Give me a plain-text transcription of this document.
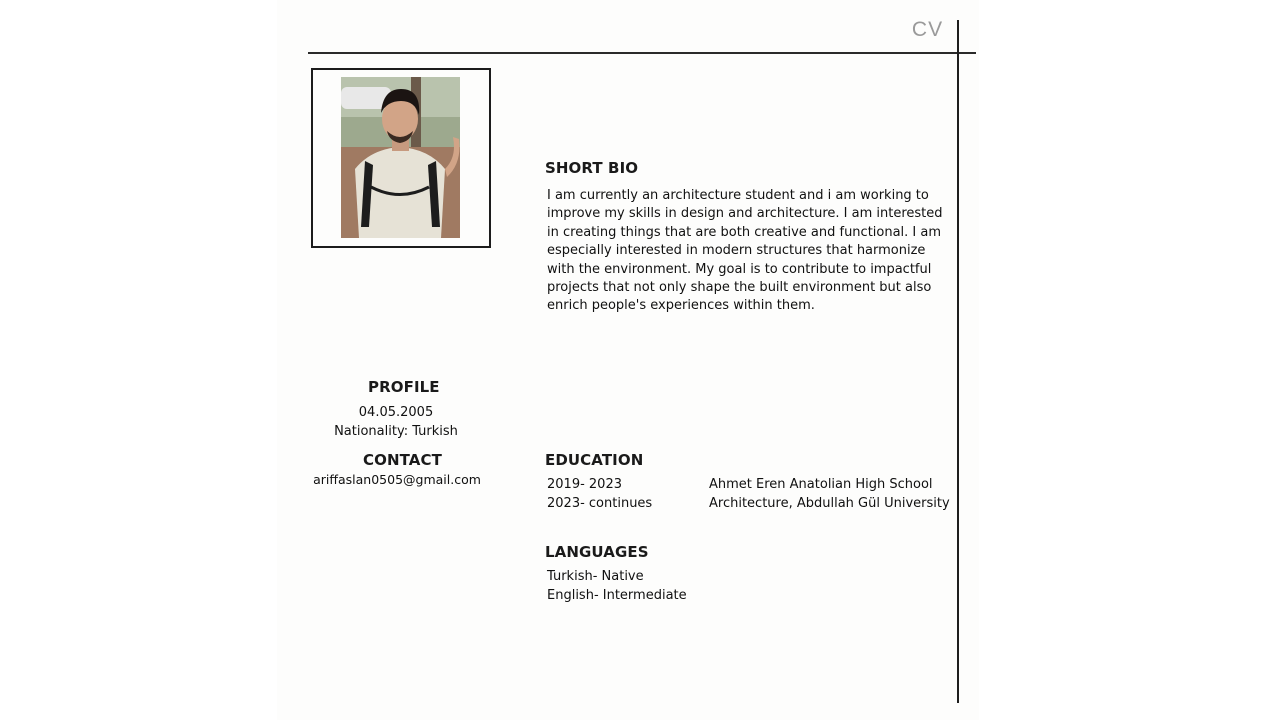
CV
PROFILE
04.05.2005
Nationality: Turkish
CONTACT
ariffaslan0505@gmail.com
SHORT BIO
I am currently an architecture student and i am working to improve my skills in design and architecture. I am interested in creating things that are both creative and functional. I am especially interested in modern structures that harmonize with the environment. My goal is to contribute to impactful projects that not only shape the built environment but also enrich people's experiences within them.
EDUCATION
2019- 2023	Ahmet Eren Anatolian High School
2023- continues	Architecture, Abdullah Gül University
LANGUAGES
Turkish- Native
English- Intermediate
